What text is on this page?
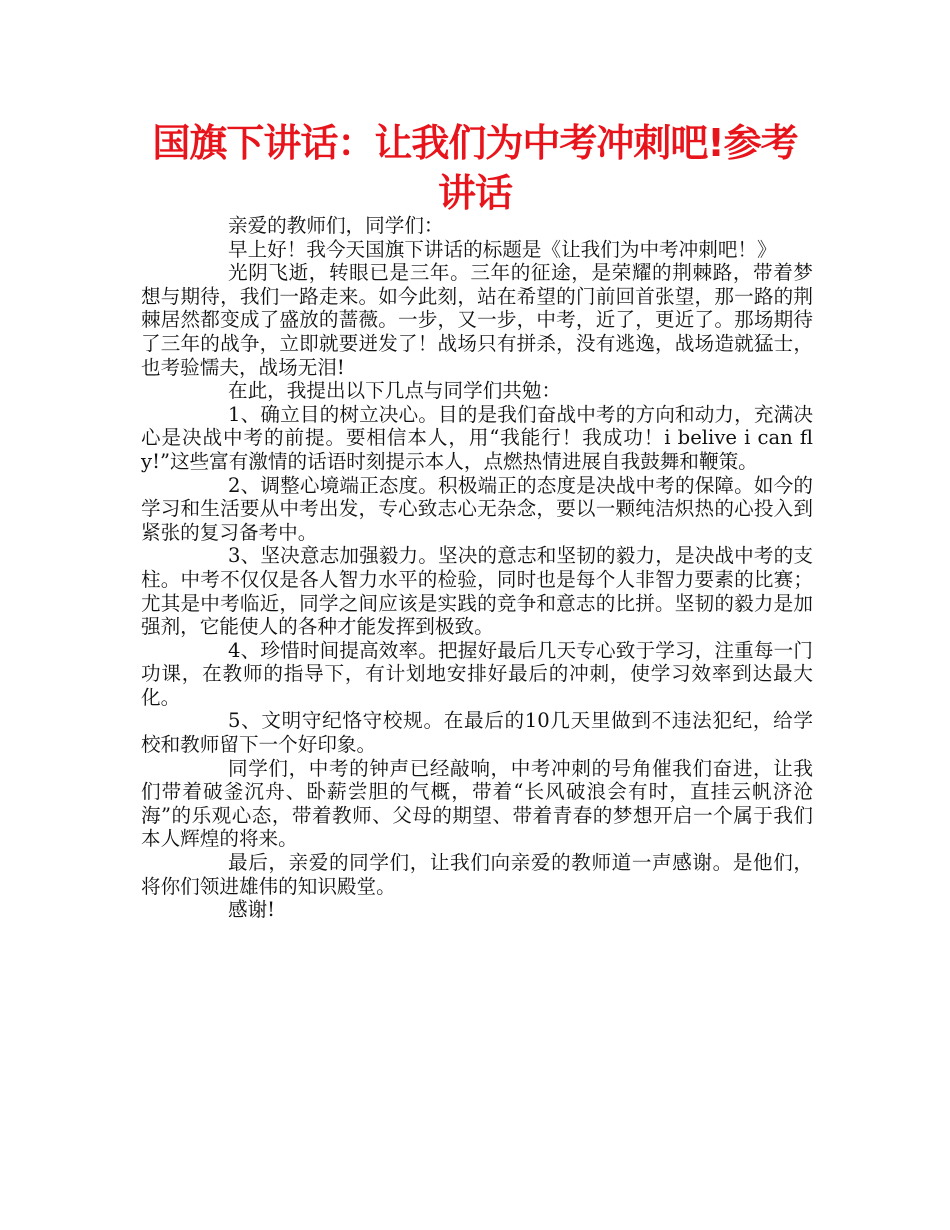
国旗下讲话：让我们为中考冲刺吧!参考讲话

亲爱的教师们，同学们：

早上好！我今天国旗下讲话的标题是《让我们为中考冲刺吧！》

光阴飞逝，转眼已是三年。三年的征途，是荣耀的荆棘路，带着梦想与期待，我们一路走来。如今此刻，站在希望的门前回首张望，那一路的荆棘居然都变成了盛放的蔷薇。一步，又一步，中考，近了，更近了。那场期待了三年的战争，立即就要迸发了！战场只有拼杀，没有逃逸，战场造就猛士，也考验懦夫，战场无泪!

在此，我提出以下几点与同学们共勉：

1、确立目的树立决心。目的是我们奋战中考的方向和动力，充满决心是决战中考的前提。要相信本人，用“我能行！我成功！i belive i can fly!”这些富有激情的话语时刻提示本人，点燃热情进展自我鼓舞和鞭策。

2、调整心境端正态度。积极端正的态度是决战中考的保障。如今的学习和生活要从中考出发，专心致志心无杂念，要以一颗纯洁炽热的心投入到紧张的复习备考中。

3、坚决意志加强毅力。坚决的意志和坚韧的毅力，是决战中考的支柱。中考不仅仅是各人智力水平的检验，同时也是每个人非智力要素的比赛；尤其是中考临近，同学之间应该是实践的竞争和意志的比拼。坚韧的毅力是加强剂，它能使人的各种才能发挥到极致。

4、珍惜时间提高效率。把握好最后几天专心致于学习，注重每一门功课，在教师的指导下，有计划地安排好最后的冲刺，使学习效率到达最大化。

5、文明守纪恪守校规。在最后的10几天里做到不违法犯纪，给学校和教师留下一个好印象。

同学们，中考的钟声已经敲响，中考冲刺的号角催我们奋进，让我们带着破釜沉舟、卧薪尝胆的气概，带着“长风破浪会有时，直挂云帆济沧海”的乐观心态，带着教师、父母的期望、带着青春的梦想开启一个属于我们本人辉煌的将来。

最后，亲爱的同学们，让我们向亲爱的教师道一声感谢。是他们，将你们领进雄伟的知识殿堂。

感谢!
